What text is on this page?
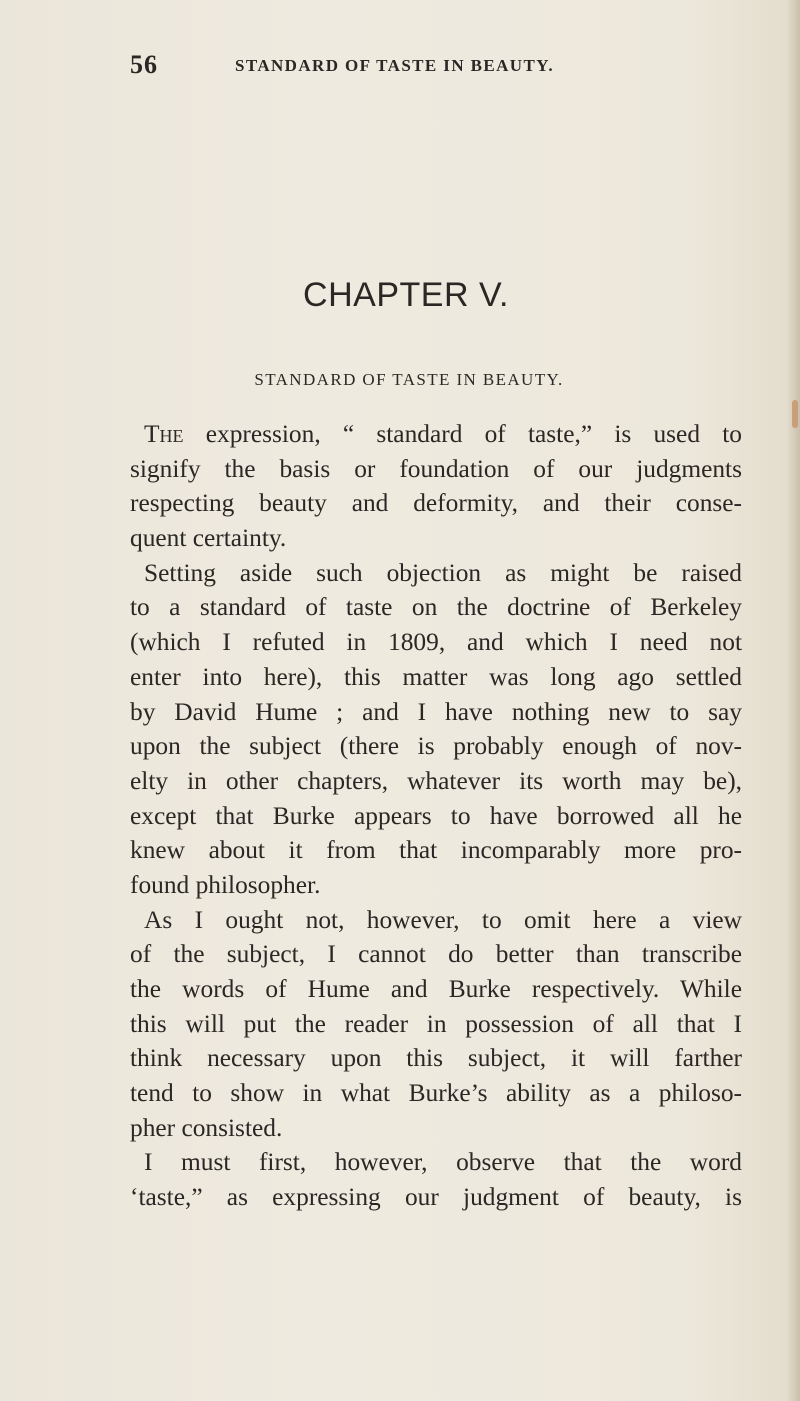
56	STANDARD OF TASTE IN BEAUTY.
CHAPTER V.
STANDARD OF TASTE IN BEAUTY.
The expression, “ standard of taste,” is used to
signify the basis or foundation of our judgments
respecting beauty and deformity, and their conse-
quent certainty.
Setting aside such objection as might be raised
to a standard of taste on the doctrine of Berkeley
(which I refuted in 1809, and which I need not
enter into here), this matter was long ago settled
by David Hume ; and I have nothing new to say
upon the subject (there is probably enough of nov-
elty in other chapters, whatever its worth may be),
except that Burke appears to have borrowed all he
knew about it from that incomparably more pro-
found philosopher.
As I ought not, however, to omit here a view
of the subject, I cannot do better than transcribe
the words of Hume and Burke respectively. While
this will put the reader in possession of all that I
think necessary upon this subject, it will farther
tend to show in what Burke’s ability as a philoso-
pher consisted.
I must first, however, observe that the word
‘taste,” as expressing our judgment of beauty, is
